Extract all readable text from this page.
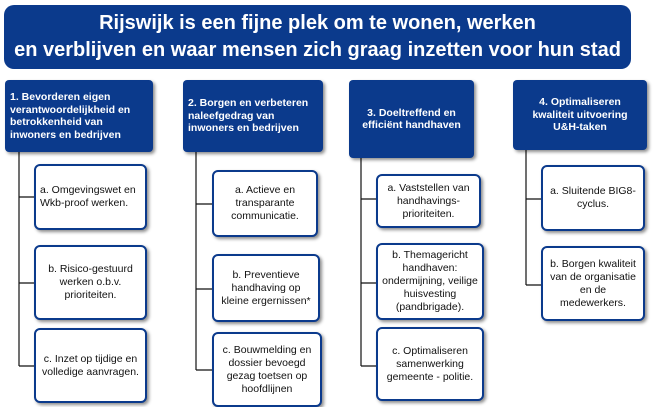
Rijswijk is een fijne plek om te wonen, werken
en verblijven en waar mensen zich graag inzetten voor hun stad
1. Bevorderen eigen verantwoordelijkheid en betrokkenheid van inwoners en bedrijven
a. Omgevingswet en Wkb-proof werken.
b. Risico-gestuurd werken o.b.v. prioriteiten.
c. Inzet op tijdige en volledige aanvragen.
2. Borgen en verbeteren naleefgedrag van inwoners en bedrijven
a. Actieve en transparante communicatie.
b. Preventieve handhaving op kleine ergernissen*
c. Bouwmelding en dossier bevoegd gezag toetsen op hoofdlijnen
3. Doeltreffend en efficiënt handhaven
a. Vaststellen van handhavings-prioriteiten.
b. Themagericht handhaven: ondermijning, veilige huisvesting (pandbrigade).
c. Optimaliseren samenwerking gemeente - politie.
4. Optimaliseren kwaliteit uitvoering U&H-taken
a. Sluitende BIG8-cyclus.
b. Borgen kwaliteit van de organisatie en de medewerkers.
